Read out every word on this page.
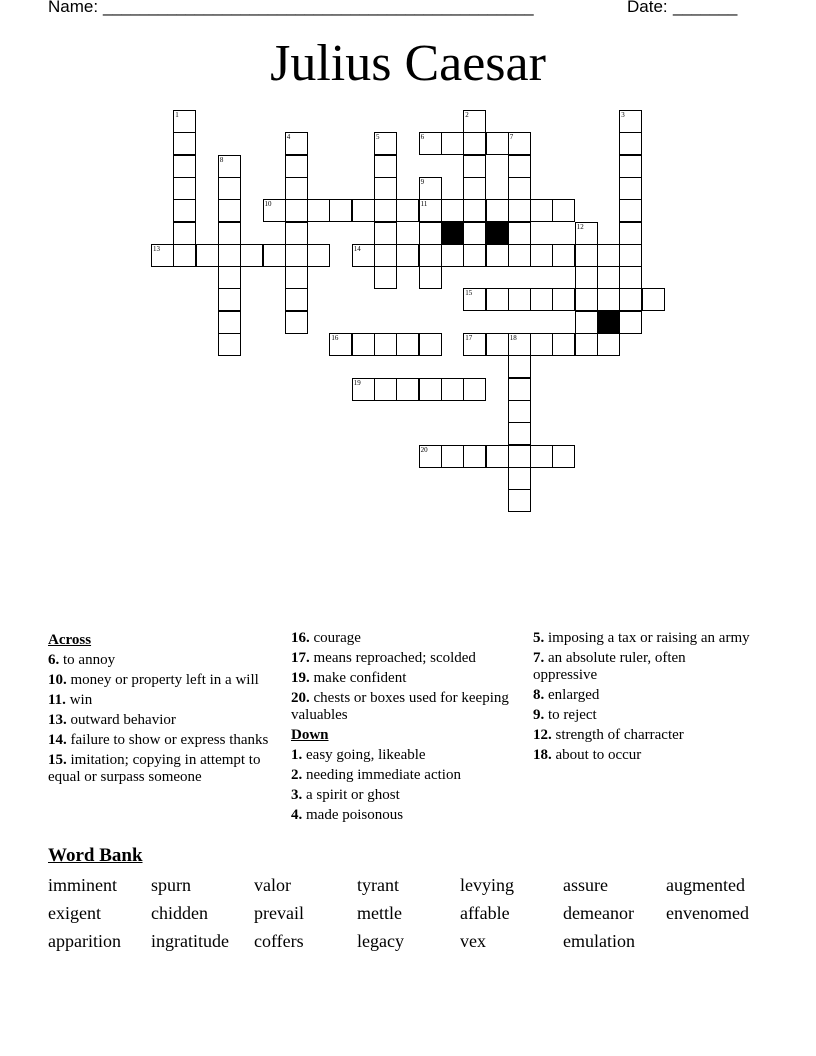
Name: _______________________________________________	Date: _______
Julius Caesar
6	7
10	11
13	14
15
16	17	18
19
20
1	2	3
4	5
8
9
12
Across
6. to annoy
10. money or property left in a will
11. win
13. outward behavior
14. failure to show or express thanks
15. imitation; copying in attempt to equal or surpass someone
16. courage
17. means reproached; scolded
19. make confident
20. chests or boxes used for keeping valuables
Down
1. easy going, likeable
2. needing immediate action
3. a spirit or ghost
4. made poisonous
5. imposing a tax or raising an army
7. an absolute ruler, often oppressive
8. enlarged
9. to reject
12. strength of charracter
18. about to occur
Word Bank
imminent	spurn	valor	tyrant	levying	assure	augmented
exigent	chidden	prevail	mettle	affable	demeanor	envenomed
apparition	ingratitude	coffers	legacy	vex	emulation
